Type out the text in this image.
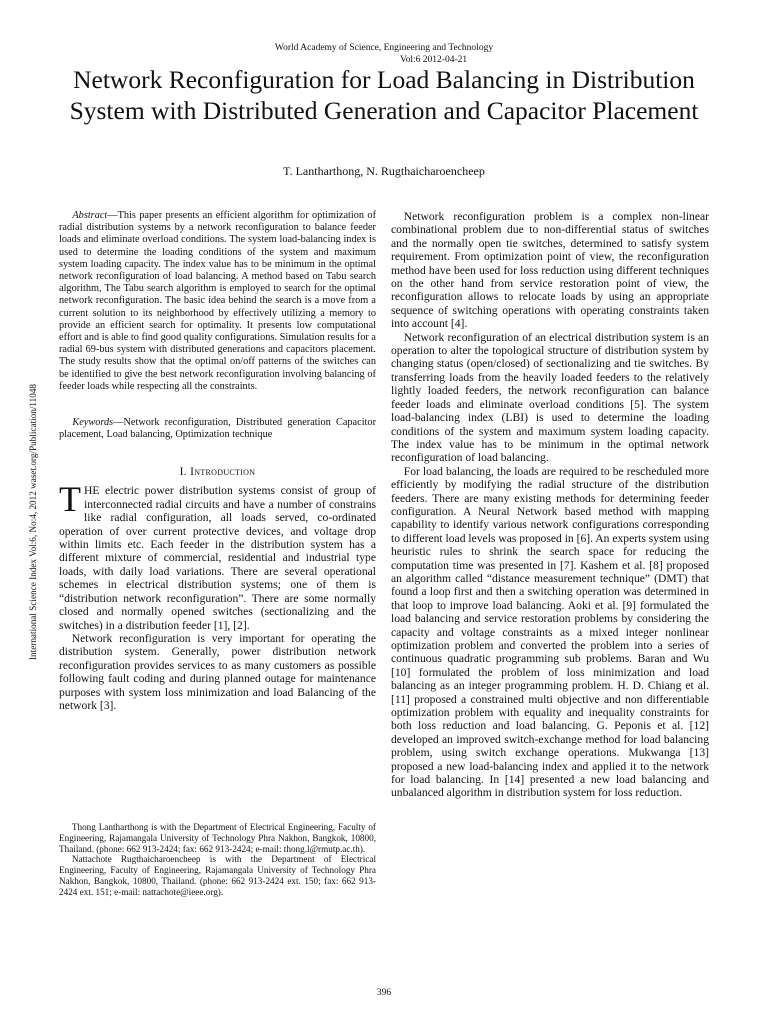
World Academy of Science, Engineering and Technology
Vol:6 2012-04-21
Network Reconfiguration for Load Balancing in Distribution System with Distributed Generation and Capacitor Placement
T. Lantharthong, N. Rugthaicharoencheep
International Science Index Vol:6, No:4, 2012 waset.org/Publication/11048

Abstract—This paper presents an efficient algorithm for optimization of radial distribution systems by a network reconfiguration to balance feeder loads and eliminate overload conditions. The system load-balancing index is used to determine the loading conditions of the system and maximum system loading capacity. The index value has to be minimum in the optimal network reconfiguration of load balancing. A method based on Tabu search algorithm, The Tabu search algorithm is employed to search for the optimal network reconfiguration. The basic idea behind the search is a move from a current solution to its neighborhood by effectively utilizing a memory to provide an efficient search for optimality. It presents low computational effort and is able to find good quality configurations. Simulation results for a radial 69-bus system with distributed generations and capacitors placement. The study results show that the optimal on/off patterns of the switches can be identified to give the best network reconfiguration involving balancing of feeder loads while respecting all the constraints.

Keywords—Network reconfiguration, Distributed generation Capacitor placement, Load balancing, Optimization technique

I. Introduction

THE electric power distribution systems consist of group of interconnected radial circuits and have a number of constrains like radial configuration, all loads served, co-ordinated operation of over current protective devices, and voltage drop within limits etc. Each feeder in the distribution system has a different mixture of commercial, residential and industrial type loads, with daily load variations. There are several operational schemes in electrical distribution systems; one of them is “distribution network reconfiguration”. There are some normally closed and normally opened switches (sectionalizing and the switches) in a distribution feeder [1], [2].

Network reconfiguration is very important for operating the distribution system. Generally, power distribution network reconfiguration provides services to as many customers as possible following fault coding and during planned outage for maintenance purposes with system loss minimization and load Balancing of the network [3].

Thong Lantharthong is with the Department of Electrical Engineering, Faculty of Engineering, Rajamangala University of Technology Phra Nakhon, Bangkok, 10800, Thailand. (phone: 662 913-2424; fax: 662 913-2424; e-mail: thong.l@rmutp.ac.th).

Nattachote Rugthaicharoencheep is with the Department of Electrical Engineering, Faculty of Engineering, Rajamangala University of Technology Phra Nakhon, Bangkok, 10800, Thailand. (phone: 662 913-2424 ext. 150; fax: 662 913-2424 ext. 151; e-mail: nattachote@ieee.org).

Network reconfiguration problem is a complex non-linear combinational problem due to non-differential status of switches and the normally open tie switches, determined to satisfy system requirement. From optimization point of view, the reconfiguration method have been used for loss reduction using different techniques on the other hand from service restoration point of view, the reconfiguration allows to relocate loads by using an appropriate sequence of switching operations with operating constraints taken into account [4].

Network reconfiguration of an electrical distribution system is an operation to alter the topological structure of distribution system by changing status (open/closed) of sectionalizing and tie switches. By transferring loads from the heavily loaded feeders to the relatively lightly loaded feeders, the network reconfiguration can balance feeder loads and eliminate overload conditions [5]. The system load-balancing index (LBI) is used to determine the loading conditions of the system and maximum system loading capacity. The index value has to be minimum in the optimal network reconfiguration of load balancing.

For load balancing, the loads are required to be rescheduled more efficiently by modifying the radial structure of the distribution feeders. There are many existing methods for determining feeder configuration. A Neural Network based method with mapping capability to identify various network configurations corresponding to different load levels was proposed in [6]. An experts system using heuristic rules to shrink the search space for reducing the computation time was presented in [7]. Kashem et al. [8] proposed an algorithm called “distance measurement technique” (DMT) that found a loop first and then a switching operation was determined in that loop to improve load balancing. Aoki et al. [9] formulated the load balancing and service restoration problems by considering the capacity and voltage constraints as a mixed integer nonlinear optimization problem and converted the problem into a series of continuous quadratic programming sub problems. Baran and Wu [10] formulated the problem of loss minimization and load balancing as an integer programming problem. H. D. Chiang et al. [11] proposed a constrained multi objective and non differentiable optimization problem with equality and inequality constraints for both loss reduction and load balancing. G. Peponis et al. [12] developed an improved switch-exchange method for load balancing problem, using switch exchange operations. Mukwanga [13] proposed a new load-balancing index and applied it to the network for load balancing. In [14] presented a new load balancing and unbalanced algorithm in distribution system for loss reduction.

396
